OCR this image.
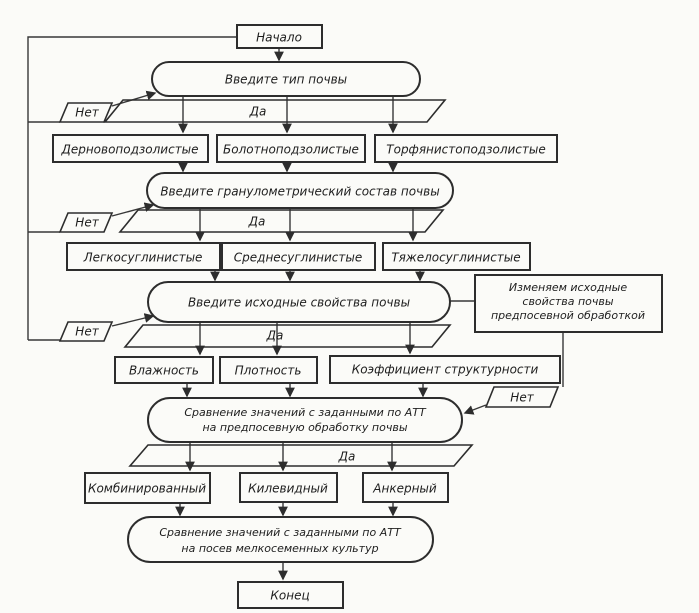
Начало
Введите тип почвы
Да
Нет
Дерновоподзолистые Болотноподзолистые Торфянистоподзолистые
Введите гранулометрический состав почвы
Да
Нет
Легкосуглинистые	Среднесуглинистые Тяжелосуглинистые
Введите исходные свойства почвы
Изменяем исходные
свойства почвы
предпосевной обработкой
Да
Нет
Влажность	Плотность	Коэффициент структурности
Сравнение значений с заданными по АТТ
на предпосевную обработку почвы
Нет
Да
Комбинированный	Килевидный	Анкерный
Сравнение значений с заданными по АТТ
на посев мелкосеменных культур
Конец
